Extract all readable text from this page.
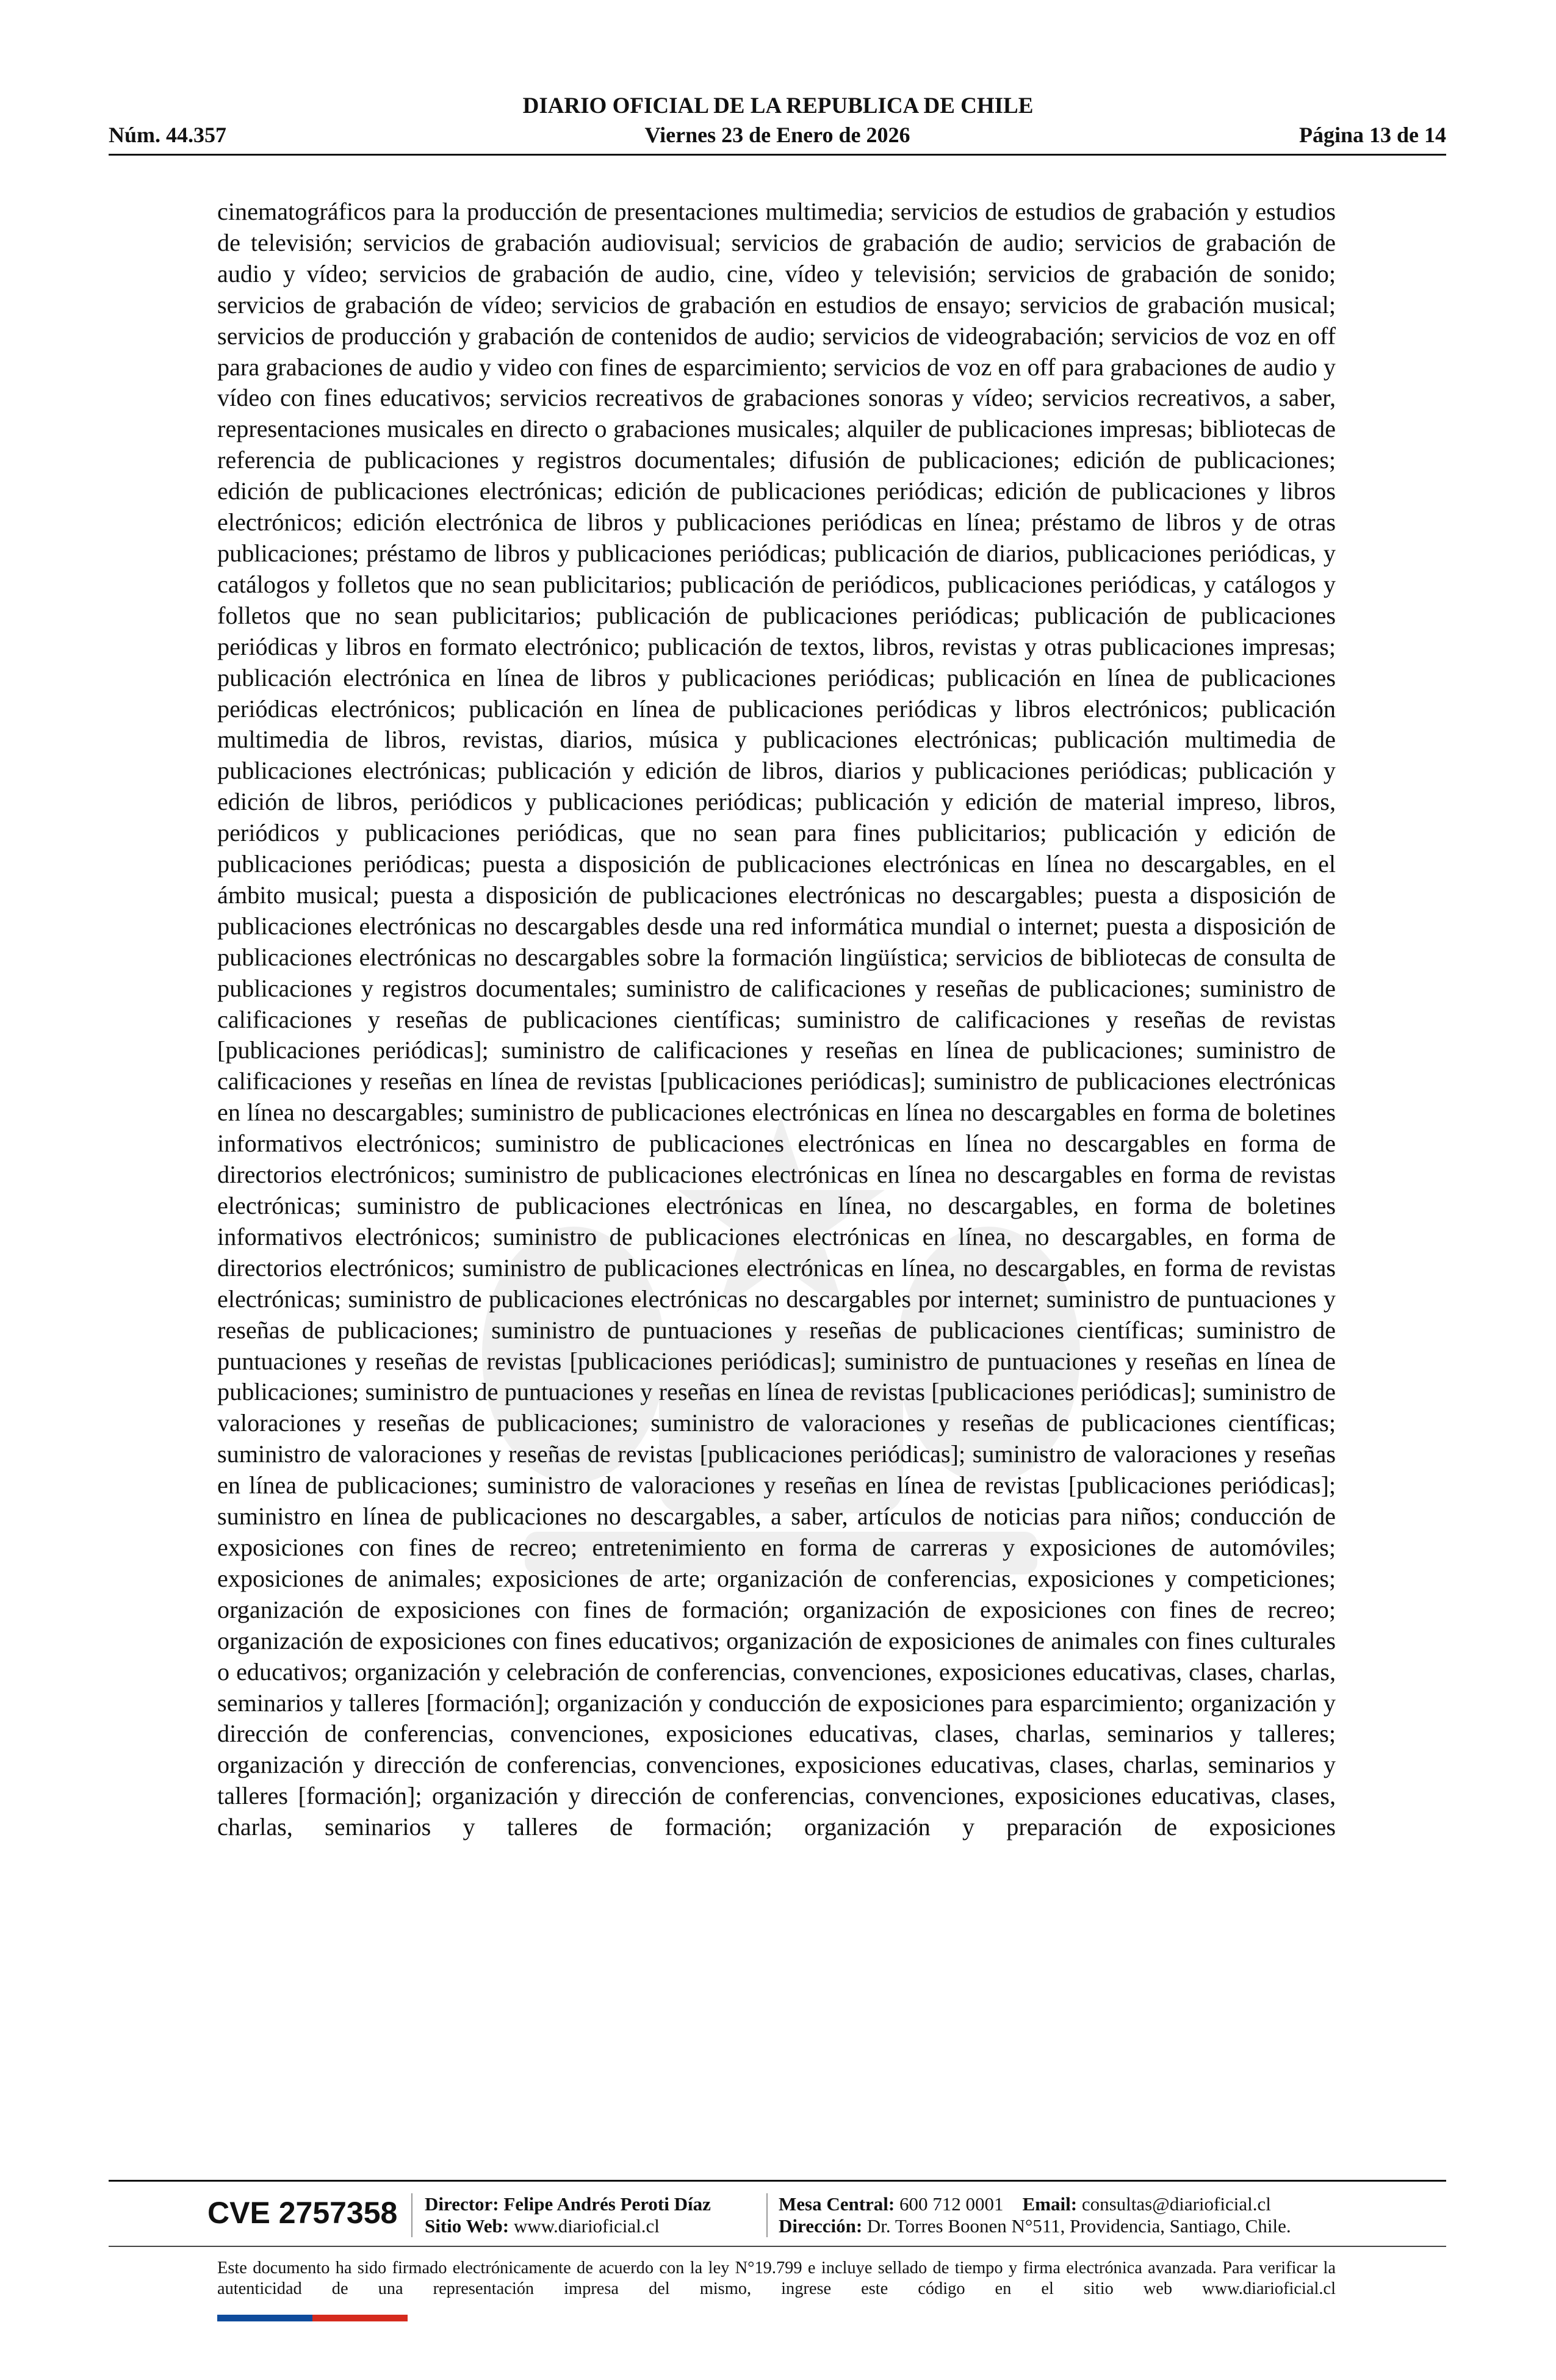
DIARIO OFICIAL DE LA REPUBLICA DE CHILE
Núm. 44.357	Viernes 23 de Enero de 2026	Página 13 de 14

cinematográficos para la producción de presentaciones multimedia; servicios de estudios de grabación y estudios de televisión; servicios de grabación audiovisual; servicios de grabación de audio; servicios de grabación de audio y vídeo; servicios de grabación de audio, cine, vídeo y televisión; servicios de grabación de sonido; servicios de grabación de vídeo; servicios de grabación en estudios de ensayo; servicios de grabación musical; servicios de producción y grabación de contenidos de audio; servicios de videograbación; servicios de voz en off para grabaciones de audio y video con fines de esparcimiento; servicios de voz en off para grabaciones de audio y vídeo con fines educativos; servicios recreativos de grabaciones sonoras y vídeo; servicios recreativos, a saber, representaciones musicales en directo o grabaciones musicales; alquiler de publicaciones impresas; bibliotecas de referencia de publicaciones y registros documentales; difusión de publicaciones; edición de publicaciones; edición de publicaciones electrónicas; edición de publicaciones periódicas; edición de publicaciones y libros electrónicos; edición electrónica de libros y publicaciones periódicas en línea; préstamo de libros y de otras publicaciones; préstamo de libros y publicaciones periódicas; publicación de diarios, publicaciones periódicas, y catálogos y folletos que no sean publicitarios; publicación de periódicos, publicaciones periódicas, y catálogos y folletos que no sean publicitarios; publicación de publicaciones periódicas; publicación de publicaciones periódicas y libros en formato electrónico; publicación de textos, libros, revistas y otras publicaciones impresas; publicación electrónica en línea de libros y publicaciones periódicas; publicación en línea de publicaciones periódicas electrónicos; publicación en línea de publicaciones periódicas y libros electrónicos; publicación multimedia de libros, revistas, diarios, música y publicaciones electrónicas; publicación multimedia de publicaciones electrónicas; publicación y edición de libros, diarios y publicaciones periódicas; publicación y edición de libros, periódicos y publicaciones periódicas; publicación y edición de material impreso, libros, periódicos y publicaciones periódicas, que no sean para fines publicitarios; publicación y edición de publicaciones periódicas; puesta a disposición de publicaciones electrónicas en línea no descargables, en el ámbito musical; puesta a disposición de publicaciones electrónicas no descargables; puesta a disposición de publicaciones electrónicas no descargables desde una red informática mundial o internet; puesta a disposición de publicaciones electrónicas no descargables sobre la formación lingüística; servicios de bibliotecas de consulta de publicaciones y registros documentales; suministro de calificaciones y reseñas de publicaciones; suministro de calificaciones y reseñas de publicaciones científicas; suministro de calificaciones y reseñas de revistas [publicaciones periódicas]; suministro de calificaciones y reseñas en línea de publicaciones; suministro de calificaciones y reseñas en línea de revistas [publicaciones periódicas]; suministro de publicaciones electrónicas en línea no descargables; suministro de publicaciones electrónicas en línea no descargables en forma de boletines informativos electrónicos; suministro de publicaciones electrónicas en línea no descargables en forma de directorios electrónicos; suministro de publicaciones electrónicas en línea no descargables en forma de revistas electrónicas; suministro de publicaciones electrónicas en línea, no descargables, en forma de boletines informativos electrónicos; suministro de publicaciones electrónicas en línea, no descargables, en forma de directorios electrónicos; suministro de publicaciones electrónicas en línea, no descargables, en forma de revistas electrónicas; suministro de publicaciones electrónicas no descargables por internet; suministro de puntuaciones y reseñas de publicaciones; suministro de puntuaciones y reseñas de publicaciones científicas; suministro de puntuaciones y reseñas de revistas [publicaciones periódicas]; suministro de puntuaciones y reseñas en línea de publicaciones; suministro de puntuaciones y reseñas en línea de revistas [publicaciones periódicas]; suministro de valoraciones y reseñas de publicaciones; suministro de valoraciones y reseñas de publicaciones científicas; suministro de valoraciones y reseñas de revistas [publicaciones periódicas]; suministro de valoraciones y reseñas en línea de publicaciones; suministro de valoraciones y reseñas en línea de revistas [publicaciones periódicas]; suministro en línea de publicaciones no descargables, a saber, artículos de noticias para niños; conducción de exposiciones con fines de recreo; entretenimiento en forma de carreras y exposiciones de automóviles; exposiciones de animales; exposiciones de arte; organización de conferencias, exposiciones y competiciones; organización de exposiciones con fines de formación; organización de exposiciones con fines de recreo; organización de exposiciones con fines educativos; organización de exposiciones de animales con fines culturales o educativos; organización y celebración de conferencias, convenciones, exposiciones educativas, clases, charlas, seminarios y talleres [formación]; organización y conducción de exposiciones para esparcimiento; organización y dirección de conferencias, convenciones, exposiciones educativas, clases, charlas, seminarios y talleres; organización y dirección de conferencias, convenciones, exposiciones educativas, clases, charlas, seminarios y talleres [formación]; organización y dirección de conferencias, convenciones, exposiciones educativas, clases, charlas, seminarios y talleres de formación; organización y preparación de exposiciones

CVE 2757358 Director: Felipe Andrés Peroti Díaz
Sitio Web: www.diarioficial.cl
Mesa Central: 600 712 0001 Email: consultas@diarioficial.cl
Dirección: Dr. Torres Boonen N°511, Providencia, Santiago, Chile.

Este documento ha sido firmado electrónicamente de acuerdo con la ley N°19.799 e incluye sellado de tiempo y firma electrónica avanzada. Para verificar la autenticidad de una representación impresa del mismo, ingrese este código en el sitio web www.diarioficial.cl
